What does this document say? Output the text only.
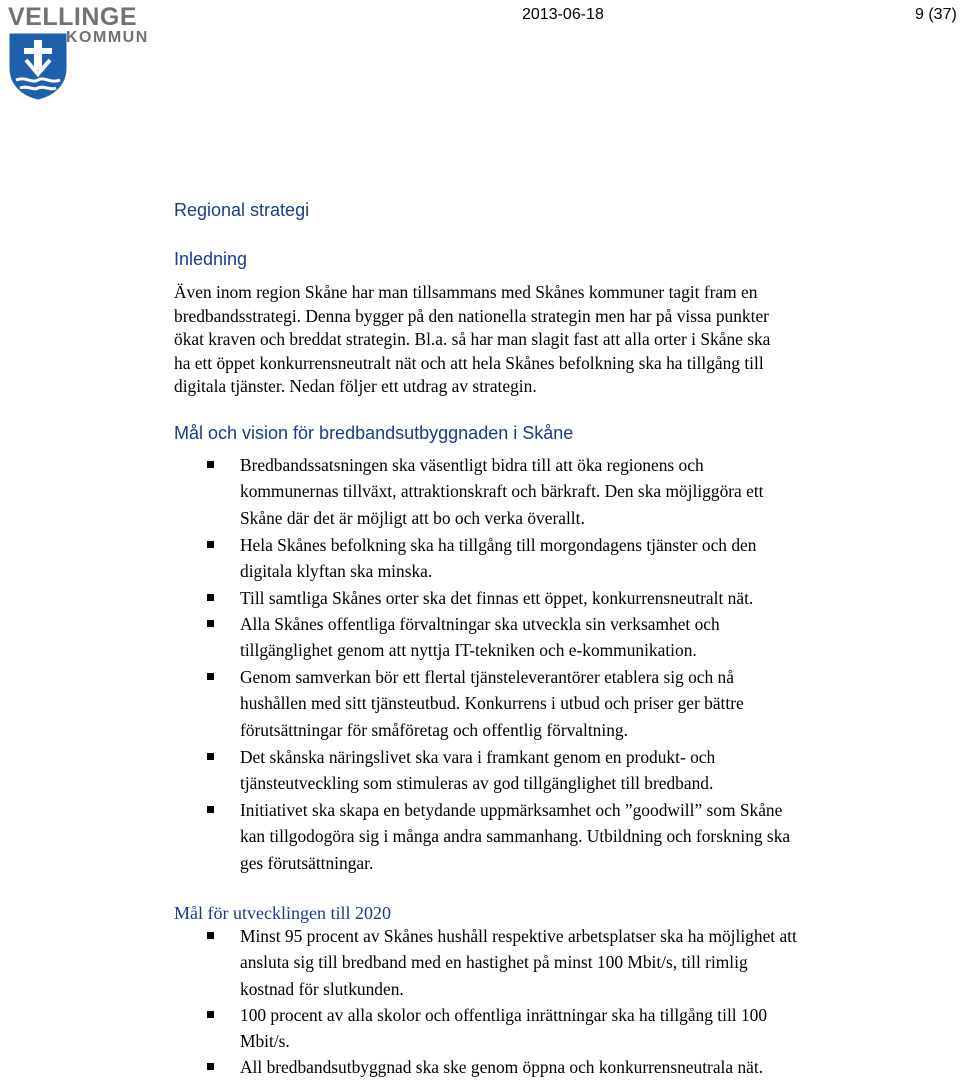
VELLINGE
KOMMUN
2013-06-18	9 (37)
Regional strategi
Inledning
Även inom region Skåne har man tillsammans med Skånes kommuner tagit fram en
bredbandsstrategi. Denna bygger på den nationella strategin men har på vissa punkter
ökat kraven och breddat strategin. Bl.a. så har man slagit fast att alla orter i Skåne ska
ha ett öppet konkurrensneutralt nät och att hela Skånes befolkning ska ha tillgång till
digitala tjänster. Nedan följer ett utdrag av strategin.
Mål och vision för bredbandsutbyggnaden i Skåne
Bredbandssatsningen ska väsentligt bidra till att öka regionens och
kommunernas tillväxt, attraktionskraft och bärkraft. Den ska möjliggöra ett
Skåne där det är möjligt att bo och verka överallt.
Hela Skånes befolkning ska ha tillgång till morgondagens tjänster och den
digitala klyftan ska minska.
Till samtliga Skånes orter ska det finnas ett öppet, konkurrensneutralt nät.
Alla Skånes offentliga förvaltningar ska utveckla sin verksamhet och
tillgänglighet genom att nyttja IT-tekniken och e-kommunikation.
Genom samverkan bör ett flertal tjänsteleverantörer etablera sig och nå
hushållen med sitt tjänsteutbud. Konkurrens i utbud och priser ger bättre
förutsättningar för småföretag och offentlig förvaltning.
Det skånska näringslivet ska vara i framkant genom en produkt- och
tjänsteutveckling som stimuleras av god tillgänglighet till bredband.
Initiativet ska skapa en betydande uppmärksamhet och ”goodwill” som Skåne
kan tillgodogöra sig i många andra sammanhang. Utbildning och forskning ska
ges förutsättningar.
Mål för utvecklingen till 2020
Minst 95 procent av Skånes hushåll respektive arbetsplatser ska ha möjlighet att
ansluta sig till bredband med en hastighet på minst 100 Mbit/s, till rimlig
kostnad för slutkunden.
100 procent av alla skolor och offentliga inrättningar ska ha tillgång till 100
Mbit/s.
All bredbandsutbyggnad ska ske genom öppna och konkurrensneutrala nät.
